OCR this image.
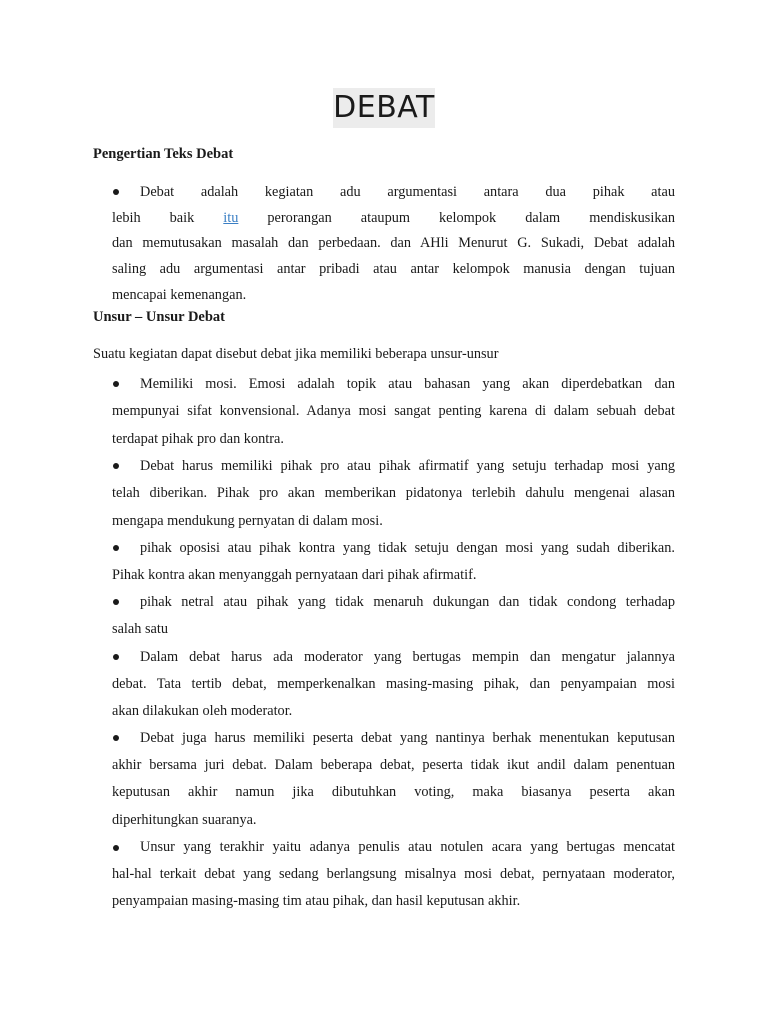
DEBAT
Pengertian Teks Debat
Debat adalah kegiatan adu argumentasi antara dua pihak atau
lebih baik itu perorangan ataupum kelompok dalam mendiskusikan
dan memutusakan masalah dan perbedaan. dan AHli Menurut G. Sukadi, Debat adalah
saling adu argumentasi antar pribadi atau antar kelompok manusia dengan tujuan
mencapai kemenangan.
Unsur – Unsur Debat
Suatu kegiatan dapat disebut debat jika memiliki beberapa unsur-unsur
Memiliki mosi. Emosi adalah topik atau bahasan yang akan diperdebatkan dan
mempunyai sifat konvensional. Adanya mosi sangat penting karena di dalam sebuah debat
terdapat pihak pro dan kontra.
Debat harus memiliki pihak pro atau pihak afirmatif yang setuju terhadap mosi yang
telah diberikan. Pihak pro akan memberikan pidatonya terlebih dahulu mengenai alasan
mengapa mendukung pernyatan di dalam mosi.
pihak oposisi atau pihak kontra yang tidak setuju dengan mosi yang sudah diberikan.
Pihak kontra akan menyanggah pernyataan dari pihak afirmatif.
pihak netral atau pihak yang tidak menaruh dukungan dan tidak condong terhadap
salah satu
Dalam debat harus ada moderator yang bertugas mempin dan mengatur jalannya
debat. Tata tertib debat, memperkenalkan masing-masing pihak, dan penyampaian mosi
akan dilakukan oleh moderator.
Debat juga harus memiliki peserta debat yang nantinya berhak menentukan keputusan
akhir bersama juri debat. Dalam beberapa debat, peserta tidak ikut andil dalam penentuan
keputusan akhir namun jika dibutuhkan voting, maka biasanya peserta akan
diperhitungkan suaranya.
Unsur yang terakhir yaitu adanya penulis atau notulen acara yang bertugas mencatat
hal-hal terkait debat yang sedang berlangsung misalnya mosi debat, pernyataan moderator,
penyampaian masing-masing tim atau pihak, dan hasil keputusan akhir.
